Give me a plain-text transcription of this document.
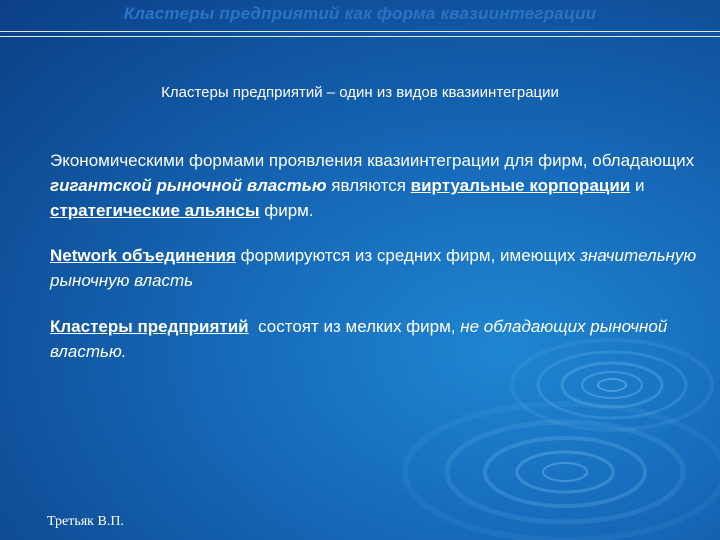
Кластеры предприятий как форма квазиинтеграции
Кластеры предприятий – один из видов квазиинтеграции
Экономическими формами проявления квазиинтеграции для фирм, обладающих гигантской рыночной властью являются виртуальные корпорации и стратегические альянсы фирм.
Network объединения формируются из средних фирм, имеющих значительную рыночную власть
Кластеры предприятий  состоят из мелких фирм, не обладающих рыночной властью.
Третьяк В.П.
